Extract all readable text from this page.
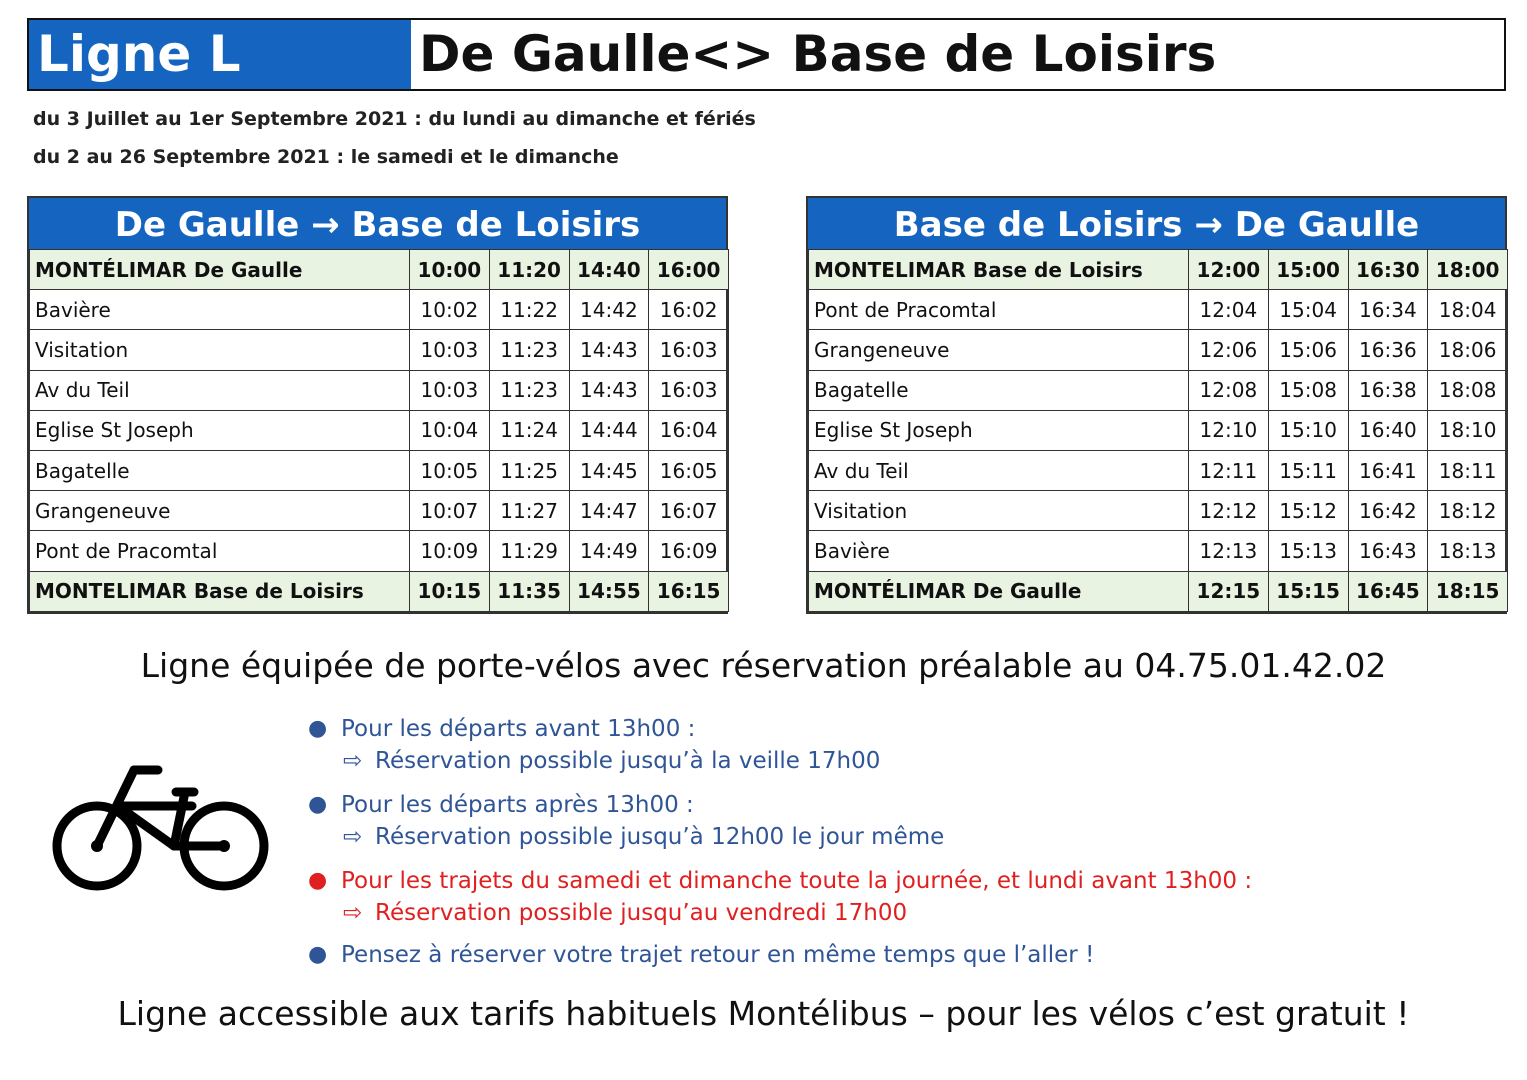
Ligne L	De Gaulle<> Base de Loisirs
du 3 Juillet au 1er Septembre 2021 : du lundi au dimanche et fériés
du 2 au 26 Septembre 2021 : le samedi et le dimanche
De Gaulle → Base de Loisirs
MONTÉLIMAR De Gaulle	10:00	11:20	14:40	16:00
Bavière	10:02	11:22	14:42	16:02
Visitation	10:03	11:23	14:43	16:03
Av du Teil	10:03	11:23	14:43	16:03
Eglise St Joseph	10:04	11:24	14:44	16:04
Bagatelle	10:05	11:25	14:45	16:05
Grangeneuve	10:07	11:27	14:47	16:07
Pont de Pracomtal	10:09	11:29	14:49	16:09
MONTELIMAR Base de Loisirs	10:15	11:35	14:55	16:15
Base de Loisirs → De Gaulle
MONTELIMAR Base de Loisirs	12:00	15:00	16:30	18:00
Pont de Pracomtal	12:04	15:04	16:34	18:04
Grangeneuve	12:06	15:06	16:36	18:06
Bagatelle	12:08	15:08	16:38	18:08
Eglise St Joseph	12:10	15:10	16:40	18:10
Av du Teil	12:11	15:11	16:41	18:11
Visitation	12:12	15:12	16:42	18:12
Bavière	12:13	15:13	16:43	18:13
MONTÉLIMAR De Gaulle	12:15	15:15	16:45	18:15
Ligne équipée de porte-vélos avec réservation préalable au 04.75.01.42.02
● Pour les départs avant 13h00 :
⇨ Réservation possible jusqu’à la veille 17h00
● Pour les départs après 13h00 :
⇨ Réservation possible jusqu’à 12h00 le jour même
● Pour les trajets du samedi et dimanche toute la journée, et lundi avant 13h00 :
⇨ Réservation possible jusqu’au vendredi 17h00
● Pensez à réserver votre trajet retour en même temps que l’aller !
Ligne accessible aux tarifs habituels Montélibus – pour les vélos c’est gratuit !
